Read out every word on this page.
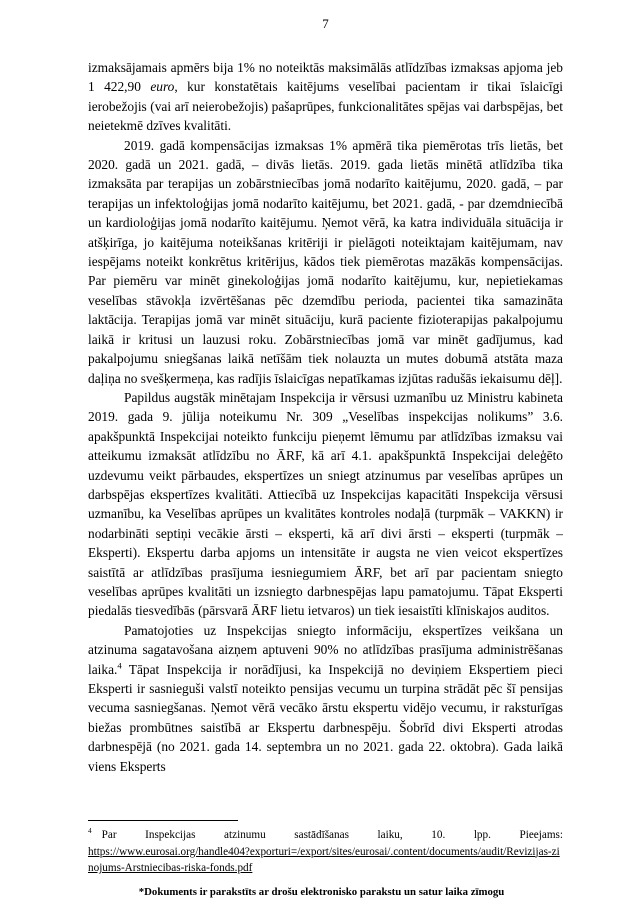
7

izmaksājamais apmērs bija 1% no noteiktās maksimālās atlīdzības izmaksas apjoma jeb 1 422,90 euro, kur konstatētais kaitējums veselībai pacientam ir tikai īslaicīgi ierobežojis (vai arī neierobežojis) pašaprūpes, funkcionalitātes spējas vai darbspējas, bet neietekmē dzīves kvalitāti.

2019. gadā kompensācijas izmaksas 1% apmērā tika piemērotas trīs lietās, bet 2020. gadā un 2021. gadā, – divās lietās. 2019. gada lietās minētā atlīdzība tika izmaksāta par terapijas un zobārstniecības jomā nodarīto kaitējumu, 2020. gadā, – par terapijas un infektoloģijas jomā nodarīto kaitējumu, bet 2021. gadā, - par dzemdniecībā un kardioloģijas jomā nodarīto kaitējumu. Ņemot vērā, ka katra individuāla situācija ir atšķirīga, jo kaitējuma noteikšanas kritēriji ir pielāgoti noteiktajam kaitējumam, nav iespējams noteikt konkrētus kritērijus, kādos tiek piemērotas mazākās kompensācijas. Par piemēru var minēt ginekoloģijas jomā nodarīto kaitējumu, kur, nepietiekamas veselības stāvokļa izvērtēšanas pēc dzemdību perioda, pacientei tika samazināta laktācija. Terapijas jomā var minēt situāciju, kurā paciente fizioterapijas pakalpojumu laikā ir kritusi un lauzusi roku. Zobārstniecības jomā var minēt gadījumus, kad pakalpojumu sniegšanas laikā netīšām tiek nolauzta un mutes dobumā atstāta maza daļiņa no svešķermeņa, kas radījis īslaicīgas nepatīkamas izjūtas radušās iekaisumu dēļ].

Papildus augstāk minētajam Inspekcija ir vērsusi uzmanību uz Ministru kabineta 2019. gada 9. jūlija noteikumu Nr. 309 „Veselības inspekcijas nolikums” 3.6. apakšpunktā Inspekcijai noteikto funkciju pieņemt lēmumu par atlīdzības izmaksu vai atteikumu izmaksāt atlīdzību no ĀRF, kā arī 4.1. apakšpunktā Inspekcijai deleģēto uzdevumu veikt pārbaudes, ekspertīzes un sniegt atzinumus par veselības aprūpes un darbspējas ekspertīzes kvalitāti. Attiecībā uz Inspekcijas kapacitāti Inspekcija vērsusi uzmanību, ka Veselības aprūpes un kvalitātes kontroles nodaļā (turpmāk – VAKKN) ir nodarbināti septiņi vecākie ārsti – eksperti, kā arī divi ārsti – eksperti (turpmāk – Eksperti). Ekspertu darba apjoms un intensitāte ir augsta ne vien veicot ekspertīzes saistītā ar atlīdzības prasījuma iesniegumiem ĀRF, bet arī par pacientam sniegto veselības aprūpes kvalitāti un izsniegto darbnespējas lapu pamatojumu. Tāpat Eksperti piedalās tiesvedībās (pārsvarā ĀRF lietu ietvaros) un tiek iesaistīti klīniskajos auditos.

Pamatojoties uz Inspekcijas sniegto informāciju, ekspertīzes veikšana un atzinuma sagatavošana aizņem aptuveni 90% no atlīdzības prasījuma administrēšanas laika.$^4$ Tāpat Inspekcija ir norādījusi, ka Inspekcijā no deviņiem Ekspertiem pieci Eksperti ir sasnieguši valstī noteikto pensijas vecumu un turpina strādāt pēc šī pensijas vecuma sasniegšanas. Ņemot vērā vecāko ārstu ekspertu vidējo vecumu, ir raksturīgas biežas prombūtnes saistībā ar Ekspertu darbnespēju. Šobrīd divi Eksperti atrodas darbnespējā (no 2021. gada 14. septembra un no 2021. gada 22. oktobra). Gada laikā viens Eksperts

$^4$ Par Inspekcijas atzinumu sastādīšanas laiku, 10. lpp. Pieejams: https://www.eurosai.org/handle404?exporturi=/export/sites/eurosai/.content/documents/audit/Revizijas-zinojums-Arstniecibas-riska-fonds.pdf

*Dokuments ir parakstīts ar drošu elektronisko parakstu un satur laika zīmogu
